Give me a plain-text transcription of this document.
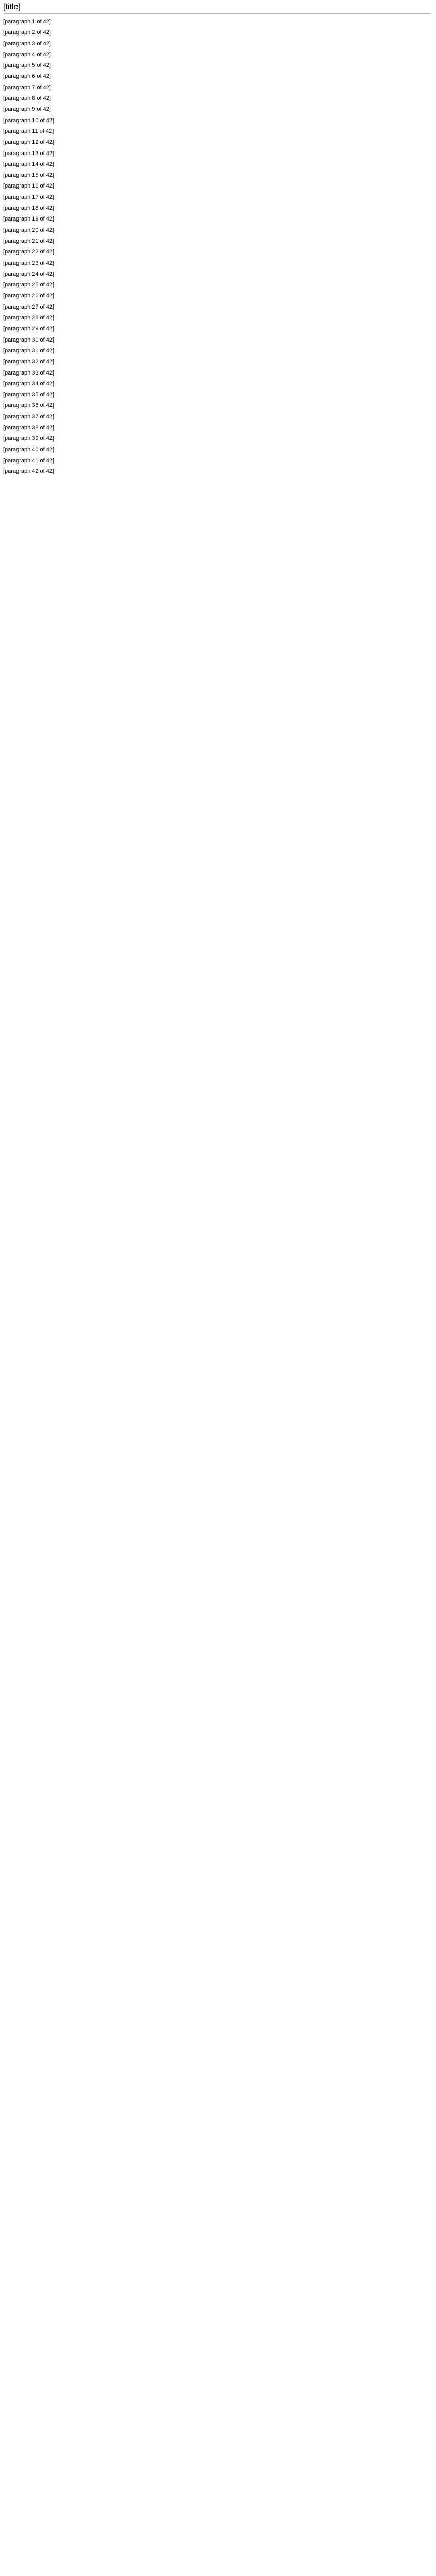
[title]

[paragraph 1 of 42]

[paragraph 2 of 42]

[paragraph 3 of 42]

[paragraph 4 of 42]

[paragraph 5 of 42]

[paragraph 6 of 42]

[paragraph 7 of 42]

[paragraph 8 of 42]

[paragraph 9 of 42]

[paragraph 10 of 42]

[paragraph 11 of 42]

[paragraph 12 of 42]

[paragraph 13 of 42]

[paragraph 14 of 42]

[paragraph 15 of 42]

[paragraph 16 of 42]

[paragraph 17 of 42]

[paragraph 18 of 42]

[paragraph 19 of 42]

[paragraph 20 of 42]

[paragraph 21 of 42]

[paragraph 22 of 42]

[paragraph 23 of 42]

[paragraph 24 of 42]

[paragraph 25 of 42]

[paragraph 26 of 42]

[paragraph 27 of 42]

[paragraph 28 of 42]

[paragraph 29 of 42]

[paragraph 30 of 42]

[paragraph 31 of 42]

[paragraph 32 of 42]

[paragraph 33 of 42]

[paragraph 34 of 42]

[paragraph 35 of 42]

[paragraph 36 of 42]

[paragraph 37 of 42]

[paragraph 38 of 42]

[paragraph 39 of 42]

[paragraph 40 of 42]

[paragraph 41 of 42]

[paragraph 42 of 42]
